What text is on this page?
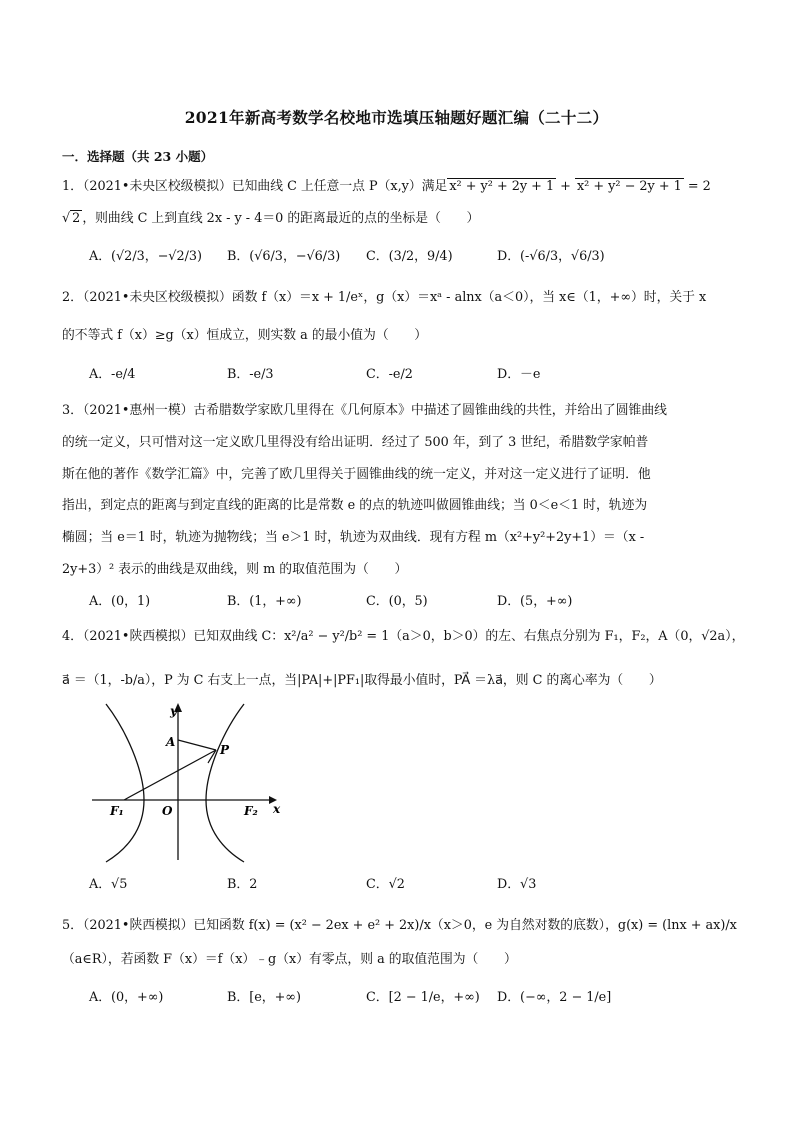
2021年新高考数学名校地市选填压轴题好题汇编（二十二）
一．选择题（共 23 小题）
1．（2021•未央区校级模拟）已知曲线 C 上任意一点 P（x,y）满足 x² + y² + 2y + 1 + x² + y² − 2y + 1 = 2
√ 2 ，则曲线 C 上到直线 2x - y - 4＝0 的距离最近的点的坐标是（　　）
A．(√2/3，−√2/3) B．(√6/3，−√6/3) C．(3/2，9/4)	D．(-√6/3，√6/3)
2．（2021•未央区校级模拟）函数 f（x）＝x + 1/eˣ，g（x）＝xᵃ - alnx（a＜0），当 x∈（1，+∞）时，关于 x
的不等式 f（x）≥g（x）恒成立，则实数 a 的最小值为（　　）
A．-e/4	B．-e/3	C．-e/2	D．－e
3．（2021•惠州一模）古希腊数学家欧几里得在《几何原本》中描述了圆锥曲线的共性，并给出了圆锥曲线
的统一定义，只可惜对这一定义欧几里得没有给出证明．经过了 500 年，到了 3 世纪，希腊数学家帕普
斯在他的著作《数学汇篇》中，完善了欧几里得关于圆锥曲线的统一定义，并对这一定义进行了证明．他
指出，到定点的距离与到定直线的距离的比是常数 e 的点的轨迹叫做圆锥曲线；当 0＜e＜1 时，轨迹为
椭圆；当 e＝1 时，轨迹为抛物线；当 e＞1 时，轨迹为双曲线．现有方程 m（x²+y²+2y+1）＝（x -
2y+3）² 表示的曲线是双曲线，则 m 的取值范围为（　　）
A．(0，1)	B．(1，+∞)	C．(0，5)	D．(5，+∞)
4．（2021•陕西模拟）已知双曲线 C：x²/a² − y²/b² = 1（a＞0，b＞0）的左、右焦点分别为 F₁，F₂，A（0，√2a），
a⃗ ＝（1，-b/a），P 为 C 右支上一点，当|PA|+|PF₁|取得最小值时，PA⃗ ＝λa⃗，则 C 的离心率为（　　）
y
x
A
P
F₁	O	F₂
A．√5	B．2	C．√2	D．√3
5．（2021•陕西模拟）已知函数 f(x) = (x² − 2ex + e² + 2x)/x（x＞0，e 为自然对数的底数），g(x) = (lnx + ax)/x
（a∈R），若函数 F（x）＝f（x）﹣g（x）有零点，则 a 的取值范围为（　　）
A．(0，+∞)	B．[e，+∞)	C．[2 − 1/e，+∞) D．(−∞，2 − 1/e]
